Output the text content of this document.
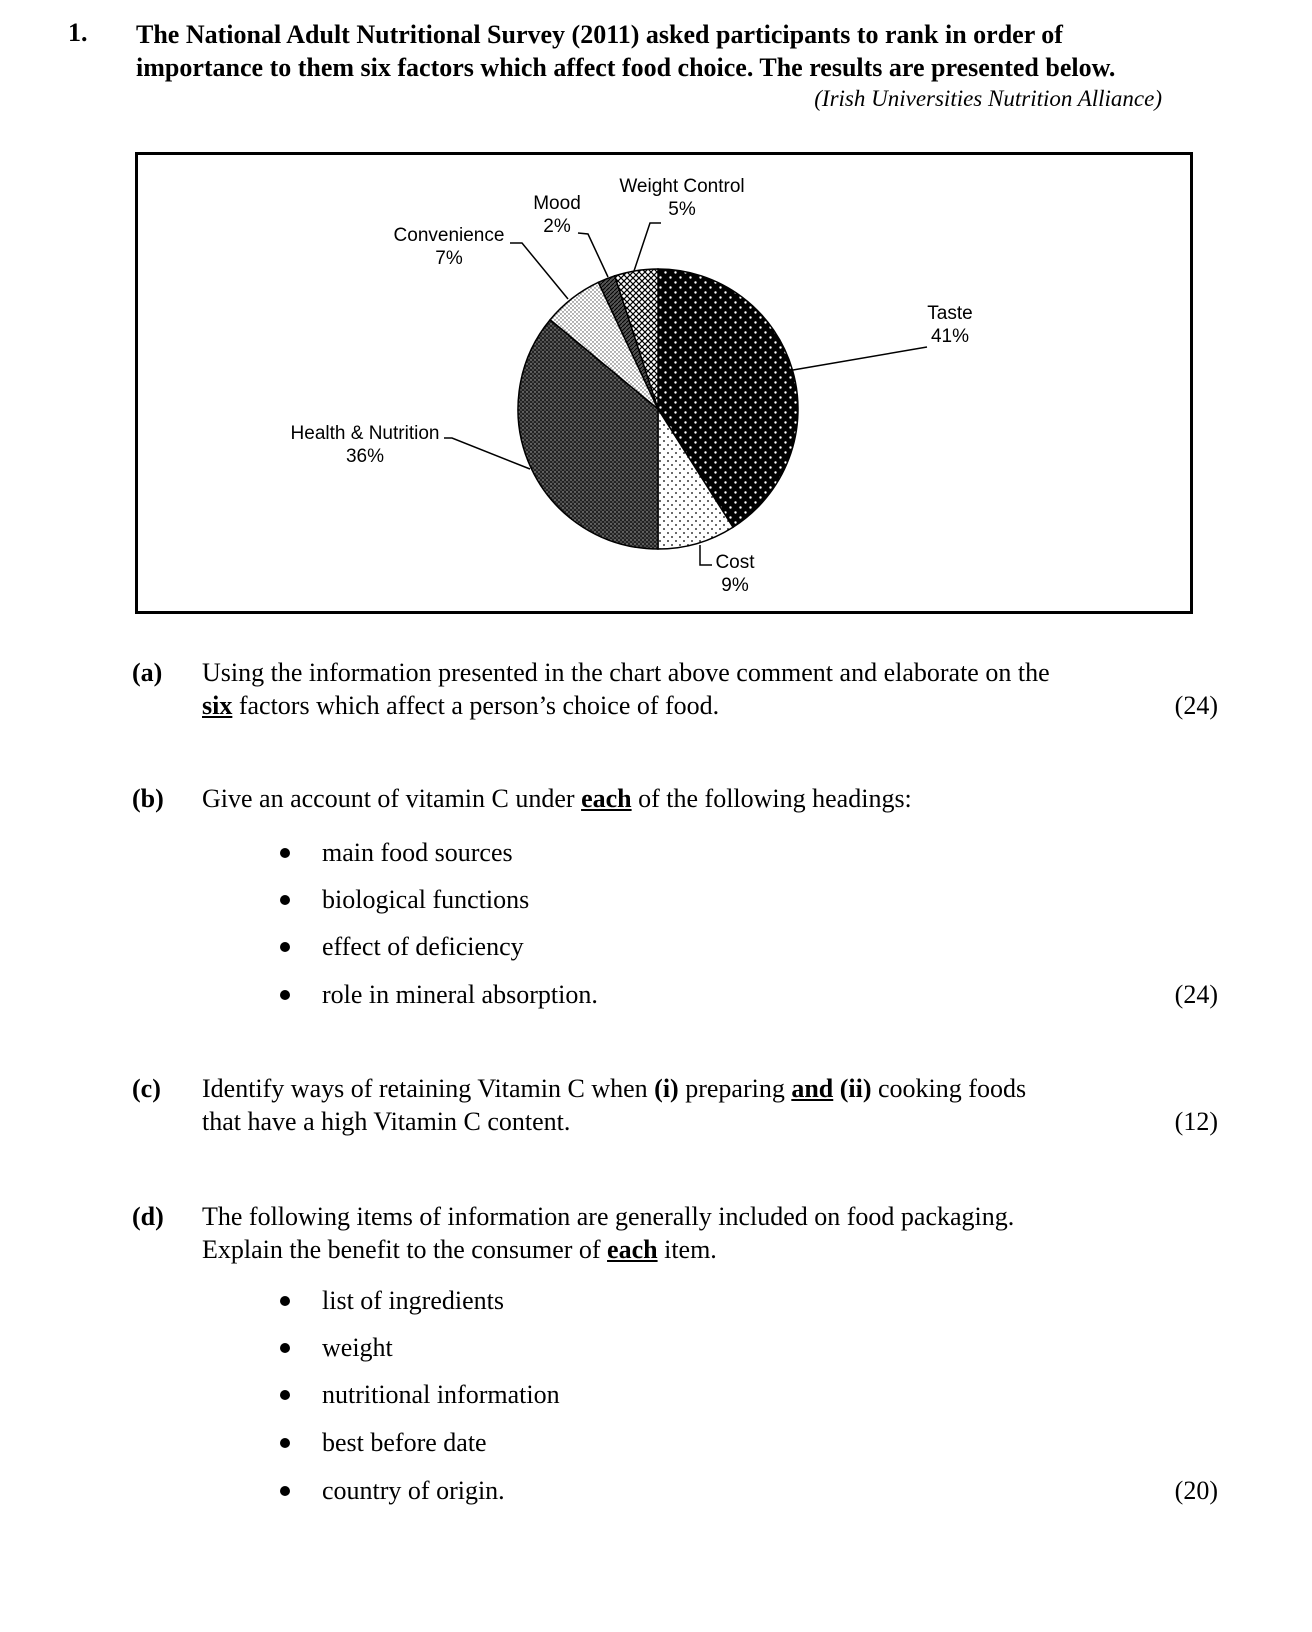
1. The National Adult Nutritional Survey (2011) asked participants to rank in order of
importance to them six factors which affect food choice. The results are presented below.
(Irish Universities Nutrition Alliance)
Taste
41%
Cost
9%
Health & Nutrition
36%
Convenience
7%
Mood
2%
Weight Control
5%
(a) Using the information presented in the chart above comment and elaborate on the
six factors which affect a person’s choice of food.	(24)
(b) Give an account of vitamin C under each of the following headings:
main food sources
biological functions
effect of deficiency
role in mineral absorption.	(24)
(c) Identify ways of retaining Vitamin C when (i) preparing and (ii) cooking foods
that have a high Vitamin C content.	(12)
(d) The following items of information are generally included on food packaging.
Explain the benefit to the consumer of each item.
list of ingredients
weight
nutritional information
best before date
country of origin.	(20)
